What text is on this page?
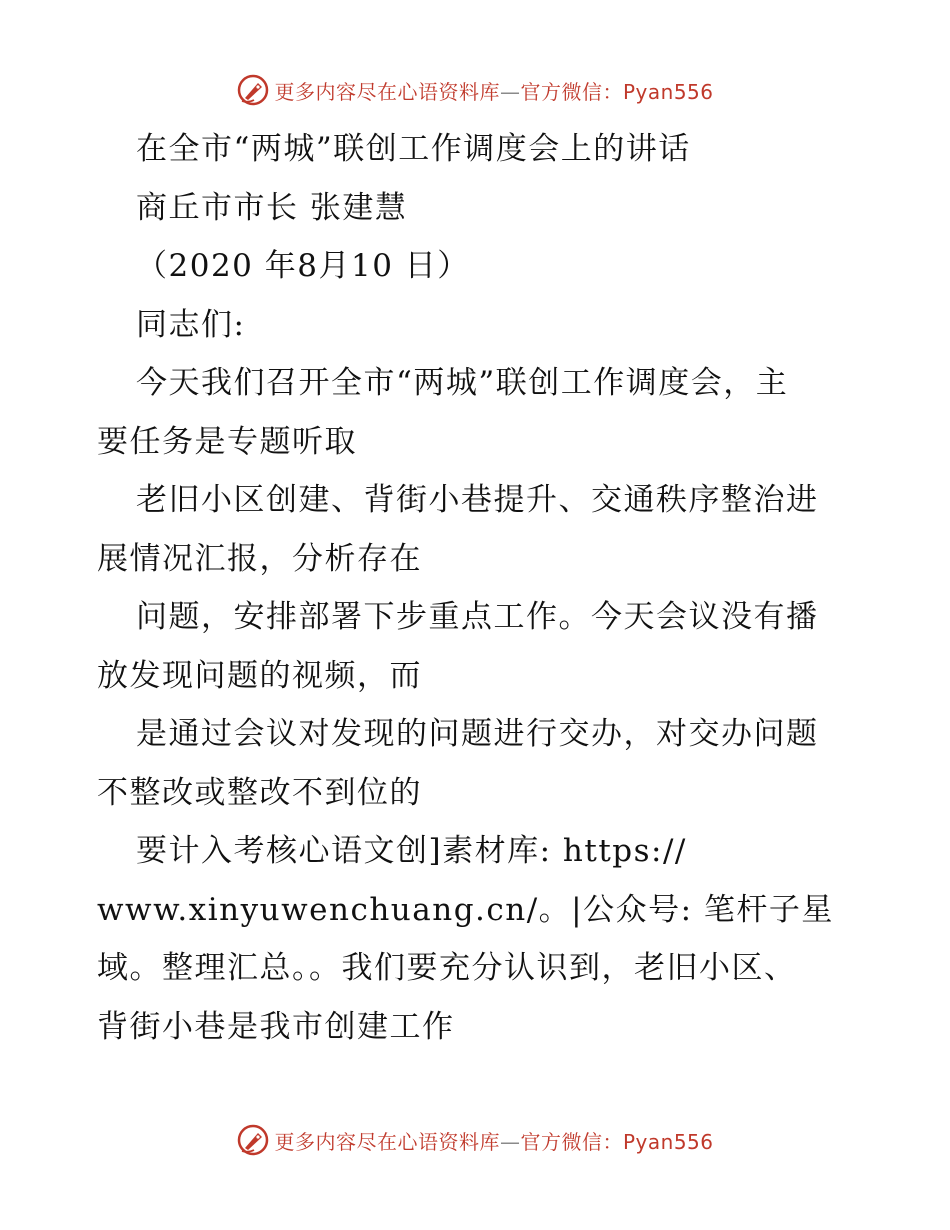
更多内容尽在心语资料库—官方微信：Pyan556
在全市“两城”联创工作调度会上的讲话
商丘市市长 张建慧
（2020 年8月10 日）
同志们:
今天我们召开全市“两城”联创工作调度会，主
要任务是专题听取
老旧小区创建、背街小巷提升、交通秩序整治进
展情况汇报，分析存在
问题，安排部署下步重点工作。今天会议没有播
放发现问题的视频，而
是通过会议对发现的问题进行交办，对交办问题
不整改或整改不到位的
要计入考核心语文创]素材库: https://
www.xinyuwenchuang.cn/。|公众号: 笔杆子星
域。整理汇总。。我们要充分认识到，老旧小区、
背街小巷是我市创建工作
更多内容尽在心语资料库—官方微信：Pyan556
